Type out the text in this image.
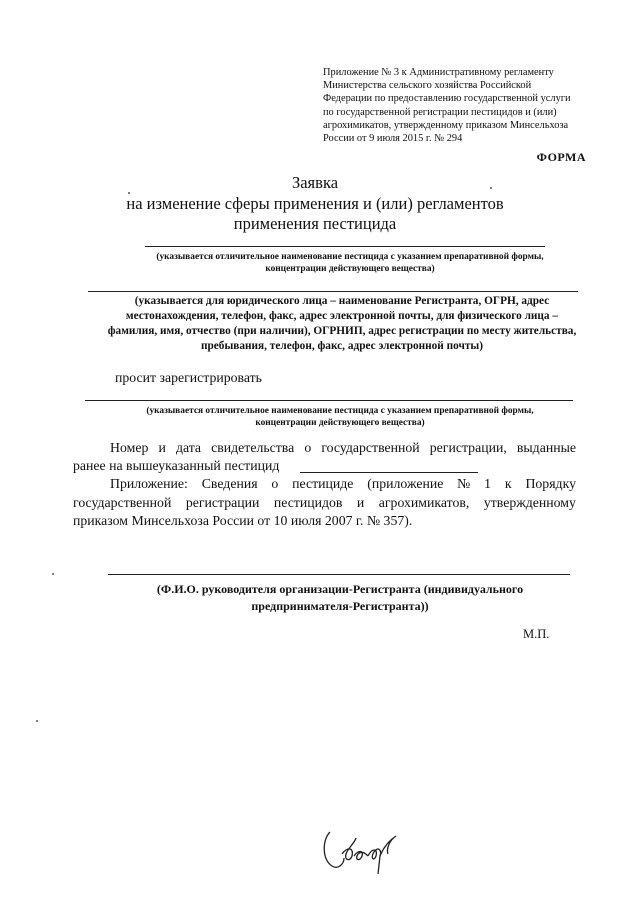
Приложение № 3 к Административному регламенту
Министерства сельского хозяйства Российской
Федерации по предоставлению государственной услуги
по государственной регистрации пестицидов и (или)
агрохимикатов, утвержденному приказом Минсельхоза
России от 9 июля 2015 г. № 294
ФОРМА
Заявка
на изменение сферы применения и (или) регламентов
применения пестицида
(указывается отличительное наименование пестицида с указанием препаративной формы,
концентрации действующего вещества)
(указывается для юридического лица – наименование Регистранта, ОГРН, адрес
местонахождения, телефон, факс, адрес электронной почты, для физического лица –
фамилия, имя, отчество (при наличии), ОГРНИП, адрес регистрации по месту жительства,
пребывания, телефон, факс, адрес электронной почты)
просит зарегистрировать
(указывается отличительное наименование пестицида с указанием препаративной формы,
концентрации действующего вещества)
Номер и дата свидетельства о государственной регистрации, выданные
ранее на вышеуказанный пестицид
Приложение: Сведения о пестициде (приложение № 1 к Порядку
государственной регистрации пестицидов и агрохимикатов, утвержденному
приказом Минсельхоза России от 10 июля 2007 г. № 357).
(Ф.И.О. руководителя организации-Регистранта (индивидуального
предпринимателя-Регистранта))
М.П.
